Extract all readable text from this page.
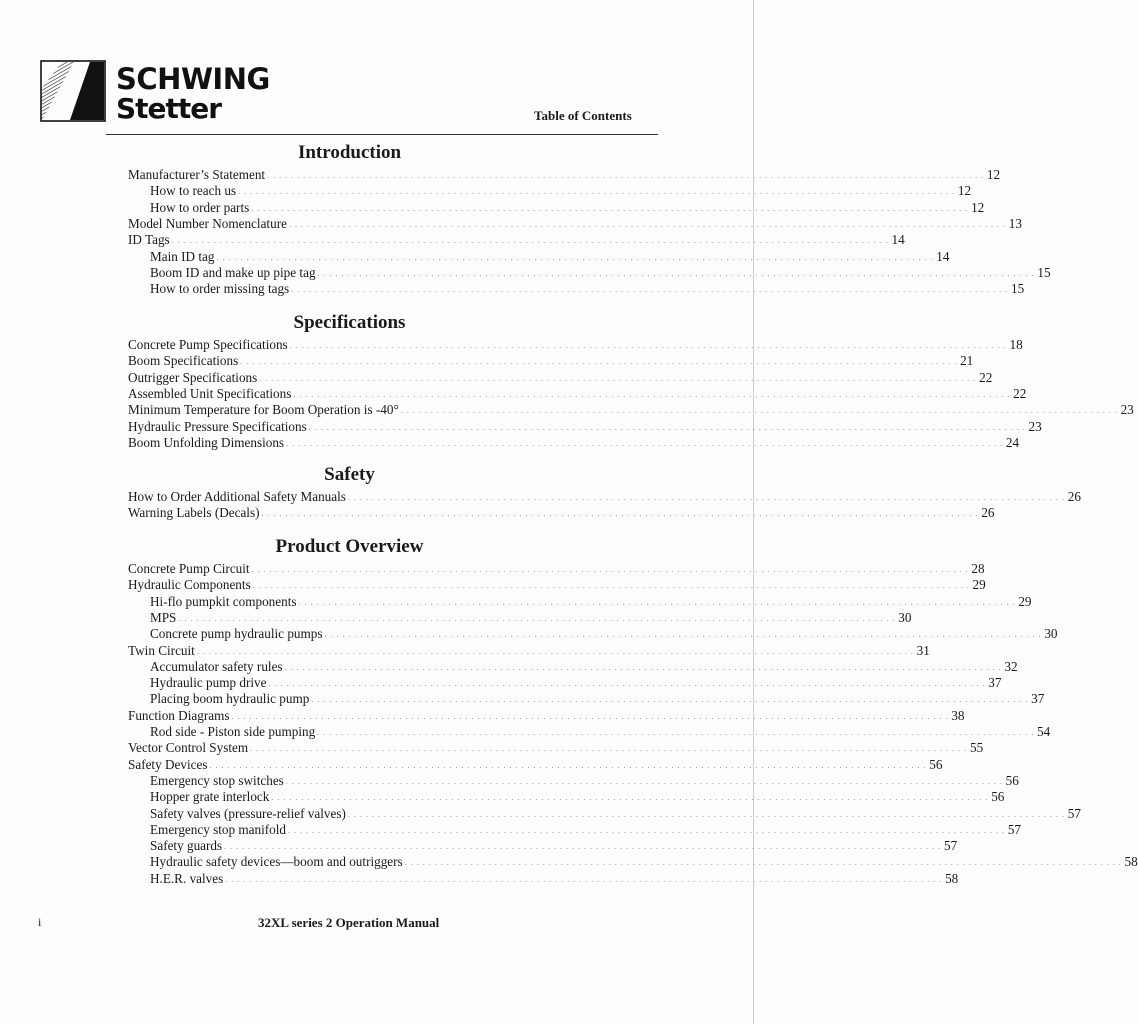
SCHWING
Stetter	Table of Contents
Introduction
Manufacturer’s Statement . . . . . . . . . . . . . . . . . . . . . . . . . . . . . . . . . . . . . . . . . . . . . . . . . . . . . . . . . . . . . . . . . . . . . . . . . . . . . . . . . . . . . . . . . . . . . . . . . . . . . . . . . . . . . . . . . . . . . . . . 12
How to reach us . . . . . . . . . . . . . . . . . . . . . . . . . . . . . . . . . . . . . . . . . . . . . . . . . . . . . . . . . . . . . . . . . . . . . . . . . . . . . . . . . . . . . . . . . . . . . . . . . . . . . . . . . . . . . . . . . . . . . . . . 12
How to order parts . . . . . . . . . . . . . . . . . . . . . . . . . . . . . . . . . . . . . . . . . . . . . . . . . . . . . . . . . . . . . . . . . . . . . . . . . . . . . . . . . . . . . . . . . . . . . . . . . . . . . . . . . . . . . . . . . . . . . . . . 12
Model Number Nomenclature . . . . . . . . . . . . . . . . . . . . . . . . . . . . . . . . . . . . . . . . . . . . . . . . . . . . . . . . . . . . . . . . . . . . . . . . . . . . . . . . . . . . . . . . . . . . . . . . . . . . . . . . . . . . . . . . . . . . . . . . 13
ID Tags . . . . . . . . . . . . . . . . . . . . . . . . . . . . . . . . . . . . . . . . . . . . . . . . . . . . . . . . . . . . . . . . . . . . . . . . . . . . . . . . . . . . . . . . . . . . . . . . . . . . . . . . . . . . . . . . . . . . . . . . 14
Main ID tag . . . . . . . . . . . . . . . . . . . . . . . . . . . . . . . . . . . . . . . . . . . . . . . . . . . . . . . . . . . . . . . . . . . . . . . . . . . . . . . . . . . . . . . . . . . . . . . . . . . . . . . . . . . . . . . . . . . . . . . . 14
Boom ID and make up pipe tag . . . . . . . . . . . . . . . . . . . . . . . . . . . . . . . . . . . . . . . . . . . . . . . . . . . . . . . . . . . . . . . . . . . . . . . . . . . . . . . . . . . . . . . . . . . . . . . . . . . . . . . . . . . . . . . . . . . . . . . . 15
How to order missing tags . . . . . . . . . . . . . . . . . . . . . . . . . . . . . . . . . . . . . . . . . . . . . . . . . . . . . . . . . . . . . . . . . . . . . . . . . . . . . . . . . . . . . . . . . . . . . . . . . . . . . . . . . . . . . . . . . . . . . . . . 15
Specifications
Concrete Pump Specifications . . . . . . . . . . . . . . . . . . . . . . . . . . . . . . . . . . . . . . . . . . . . . . . . . . . . . . . . . . . . . . . . . . . . . . . . . . . . . . . . . . . . . . . . . . . . . . . . . . . . . . . . . . . . . . . . . . . . . . . . 18
Boom Specifications . . . . . . . . . . . . . . . . . . . . . . . . . . . . . . . . . . . . . . . . . . . . . . . . . . . . . . . . . . . . . . . . . . . . . . . . . . . . . . . . . . . . . . . . . . . . . . . . . . . . . . . . . . . . . . . . . . . . . . . . 21
Outrigger Specifications . . . . . . . . . . . . . . . . . . . . . . . . . . . . . . . . . . . . . . . . . . . . . . . . . . . . . . . . . . . . . . . . . . . . . . . . . . . . . . . . . . . . . . . . . . . . . . . . . . . . . . . . . . . . . . . . . . . . . . . . 22
Assembled Unit Specifications . . . . . . . . . . . . . . . . . . . . . . . . . . . . . . . . . . . . . . . . . . . . . . . . . . . . . . . . . . . . . . . . . . . . . . . . . . . . . . . . . . . . . . . . . . . . . . . . . . . . . . . . . . . . . . . . . . . . . . . . 22
Minimum Temperature for Boom Operation is -40° . . . . . . . . . . . . . . . . . . . . . . . . . . . . . . . . . . . . . . . . . . . . . . . . . . . . . . . . . . . . . . . . . . . . . . . . . . . . . . . . . . . . . . . . . . . . . . . . . . . . . . . . . . . . . . . . . . . . . . . . 23
Hydraulic Pressure Specifications . . . . . . . . . . . . . . . . . . . . . . . . . . . . . . . . . . . . . . . . . . . . . . . . . . . . . . . . . . . . . . . . . . . . . . . . . . . . . . . . . . . . . . . . . . . . . . . . . . . . . . . . . . . . . . . . . . . . . . . . 23
Boom Unfolding Dimensions . . . . . . . . . . . . . . . . . . . . . . . . . . . . . . . . . . . . . . . . . . . . . . . . . . . . . . . . . . . . . . . . . . . . . . . . . . . . . . . . . . . . . . . . . . . . . . . . . . . . . . . . . . . . . . . . . . . . . . . . 24
Safety
How to Order Additional Safety Manuals . . . . . . . . . . . . . . . . . . . . . . . . . . . . . . . . . . . . . . . . . . . . . . . . . . . . . . . . . . . . . . . . . . . . . . . . . . . . . . . . . . . . . . . . . . . . . . . . . . . . . . . . . . . . . . . . . . . . . . . . 26
Warning Labels (Decals) . . . . . . . . . . . . . . . . . . . . . . . . . . . . . . . . . . . . . . . . . . . . . . . . . . . . . . . . . . . . . . . . . . . . . . . . . . . . . . . . . . . . . . . . . . . . . . . . . . . . . . . . . . . . . . . . . . . . . . . . 26
Product Overview
Concrete Pump Circuit . . . . . . . . . . . . . . . . . . . . . . . . . . . . . . . . . . . . . . . . . . . . . . . . . . . . . . . . . . . . . . . . . . . . . . . . . . . . . . . . . . . . . . . . . . . . . . . . . . . . . . . . . . . . . . . . . . . . . . . . 28
Hydraulic Components . . . . . . . . . . . . . . . . . . . . . . . . . . . . . . . . . . . . . . . . . . . . . . . . . . . . . . . . . . . . . . . . . . . . . . . . . . . . . . . . . . . . . . . . . . . . . . . . . . . . . . . . . . . . . . . . . . . . . . . . 29
Hi-flo pumpkit components . . . . . . . . . . . . . . . . . . . . . . . . . . . . . . . . . . . . . . . . . . . . . . . . . . . . . . . . . . . . . . . . . . . . . . . . . . . . . . . . . . . . . . . . . . . . . . . . . . . . . . . . . . . . . . . . . . . . . . . . 29
MPS . . . . . . . . . . . . . . . . . . . . . . . . . . . . . . . . . . . . . . . . . . . . . . . . . . . . . . . . . . . . . . . . . . . . . . . . . . . . . . . . . . . . . . . . . . . . . . . . . . . . . . . . . . . . . . . . . . . . . . . . 30
Concrete pump hydraulic pumps . . . . . . . . . . . . . . . . . . . . . . . . . . . . . . . . . . . . . . . . . . . . . . . . . . . . . . . . . . . . . . . . . . . . . . . . . . . . . . . . . . . . . . . . . . . . . . . . . . . . . . . . . . . . . . . . . . . . . . . . 30
Twin Circuit . . . . . . . . . . . . . . . . . . . . . . . . . . . . . . . . . . . . . . . . . . . . . . . . . . . . . . . . . . . . . . . . . . . . . . . . . . . . . . . . . . . . . . . . . . . . . . . . . . . . . . . . . . . . . . . . . . . . . . . . 31
Accumulator safety rules . . . . . . . . . . . . . . . . . . . . . . . . . . . . . . . . . . . . . . . . . . . . . . . . . . . . . . . . . . . . . . . . . . . . . . . . . . . . . . . . . . . . . . . . . . . . . . . . . . . . . . . . . . . . . . . . . . . . . . . . 32
Hydraulic pump drive . . . . . . . . . . . . . . . . . . . . . . . . . . . . . . . . . . . . . . . . . . . . . . . . . . . . . . . . . . . . . . . . . . . . . . . . . . . . . . . . . . . . . . . . . . . . . . . . . . . . . . . . . . . . . . . . . . . . . . . . 37
Placing boom hydraulic pump . . . . . . . . . . . . . . . . . . . . . . . . . . . . . . . . . . . . . . . . . . . . . . . . . . . . . . . . . . . . . . . . . . . . . . . . . . . . . . . . . . . . . . . . . . . . . . . . . . . . . . . . . . . . . . . . . . . . . . . . 37
Function Diagrams . . . . . . . . . . . . . . . . . . . . . . . . . . . . . . . . . . . . . . . . . . . . . . . . . . . . . . . . . . . . . . . . . . . . . . . . . . . . . . . . . . . . . . . . . . . . . . . . . . . . . . . . . . . . . . . . . . . . . . . . 38
Rod side - Piston side pumping . . . . . . . . . . . . . . . . . . . . . . . . . . . . . . . . . . . . . . . . . . . . . . . . . . . . . . . . . . . . . . . . . . . . . . . . . . . . . . . . . . . . . . . . . . . . . . . . . . . . . . . . . . . . . . . . . . . . . . . . 54
Vector Control System . . . . . . . . . . . . . . . . . . . . . . . . . . . . . . . . . . . . . . . . . . . . . . . . . . . . . . . . . . . . . . . . . . . . . . . . . . . . . . . . . . . . . . . . . . . . . . . . . . . . . . . . . . . . . . . . . . . . . . . . 55
Safety Devices . . . . . . . . . . . . . . . . . . . . . . . . . . . . . . . . . . . . . . . . . . . . . . . . . . . . . . . . . . . . . . . . . . . . . . . . . . . . . . . . . . . . . . . . . . . . . . . . . . . . . . . . . . . . . . . . . . . . . . . . 56
Emergency stop switches . . . . . . . . . . . . . . . . . . . . . . . . . . . . . . . . . . . . . . . . . . . . . . . . . . . . . . . . . . . . . . . . . . . . . . . . . . . . . . . . . . . . . . . . . . . . . . . . . . . . . . . . . . . . . . . . . . . . . . . . 56
Hopper grate interlock . . . . . . . . . . . . . . . . . . . . . . . . . . . . . . . . . . . . . . . . . . . . . . . . . . . . . . . . . . . . . . . . . . . . . . . . . . . . . . . . . . . . . . . . . . . . . . . . . . . . . . . . . . . . . . . . . . . . . . . . 56
Safety valves (pressure-relief valves) . . . . . . . . . . . . . . . . . . . . . . . . . . . . . . . . . . . . . . . . . . . . . . . . . . . . . . . . . . . . . . . . . . . . . . . . . . . . . . . . . . . . . . . . . . . . . . . . . . . . . . . . . . . . . . . . . . . . . . . . 57
Emergency stop manifold . . . . . . . . . . . . . . . . . . . . . . . . . . . . . . . . . . . . . . . . . . . . . . . . . . . . . . . . . . . . . . . . . . . . . . . . . . . . . . . . . . . . . . . . . . . . . . . . . . . . . . . . . . . . . . . . . . . . . . . . 57
Safety guards . . . . . . . . . . . . . . . . . . . . . . . . . . . . . . . . . . . . . . . . . . . . . . . . . . . . . . . . . . . . . . . . . . . . . . . . . . . . . . . . . . . . . . . . . . . . . . . . . . . . . . . . . . . . . . . . . . . . . . . . 57
Hydraulic safety devices—boom and outriggers . . . . . . . . . . . . . . . . . . . . . . . . . . . . . . . . . . . . . . . . . . . . . . . . . . . . . . . . . . . . . . . . . . . . . . . . . . . . . . . . . . . . . . . . . . . . . . . . . . . . . . . . . . . . . . . . . . . . . . . . 58
H.E.R. valves . . . . . . . . . . . . . . . . . . . . . . . . . . . . . . . . . . . . . . . . . . . . . . . . . . . . . . . . . . . . . . . . . . . . . . . . . . . . . . . . . . . . . . . . . . . . . . . . . . . . . . . . . . . . . . . . . . . . . . . . 58
i	32XL series 2 Operation Manual
